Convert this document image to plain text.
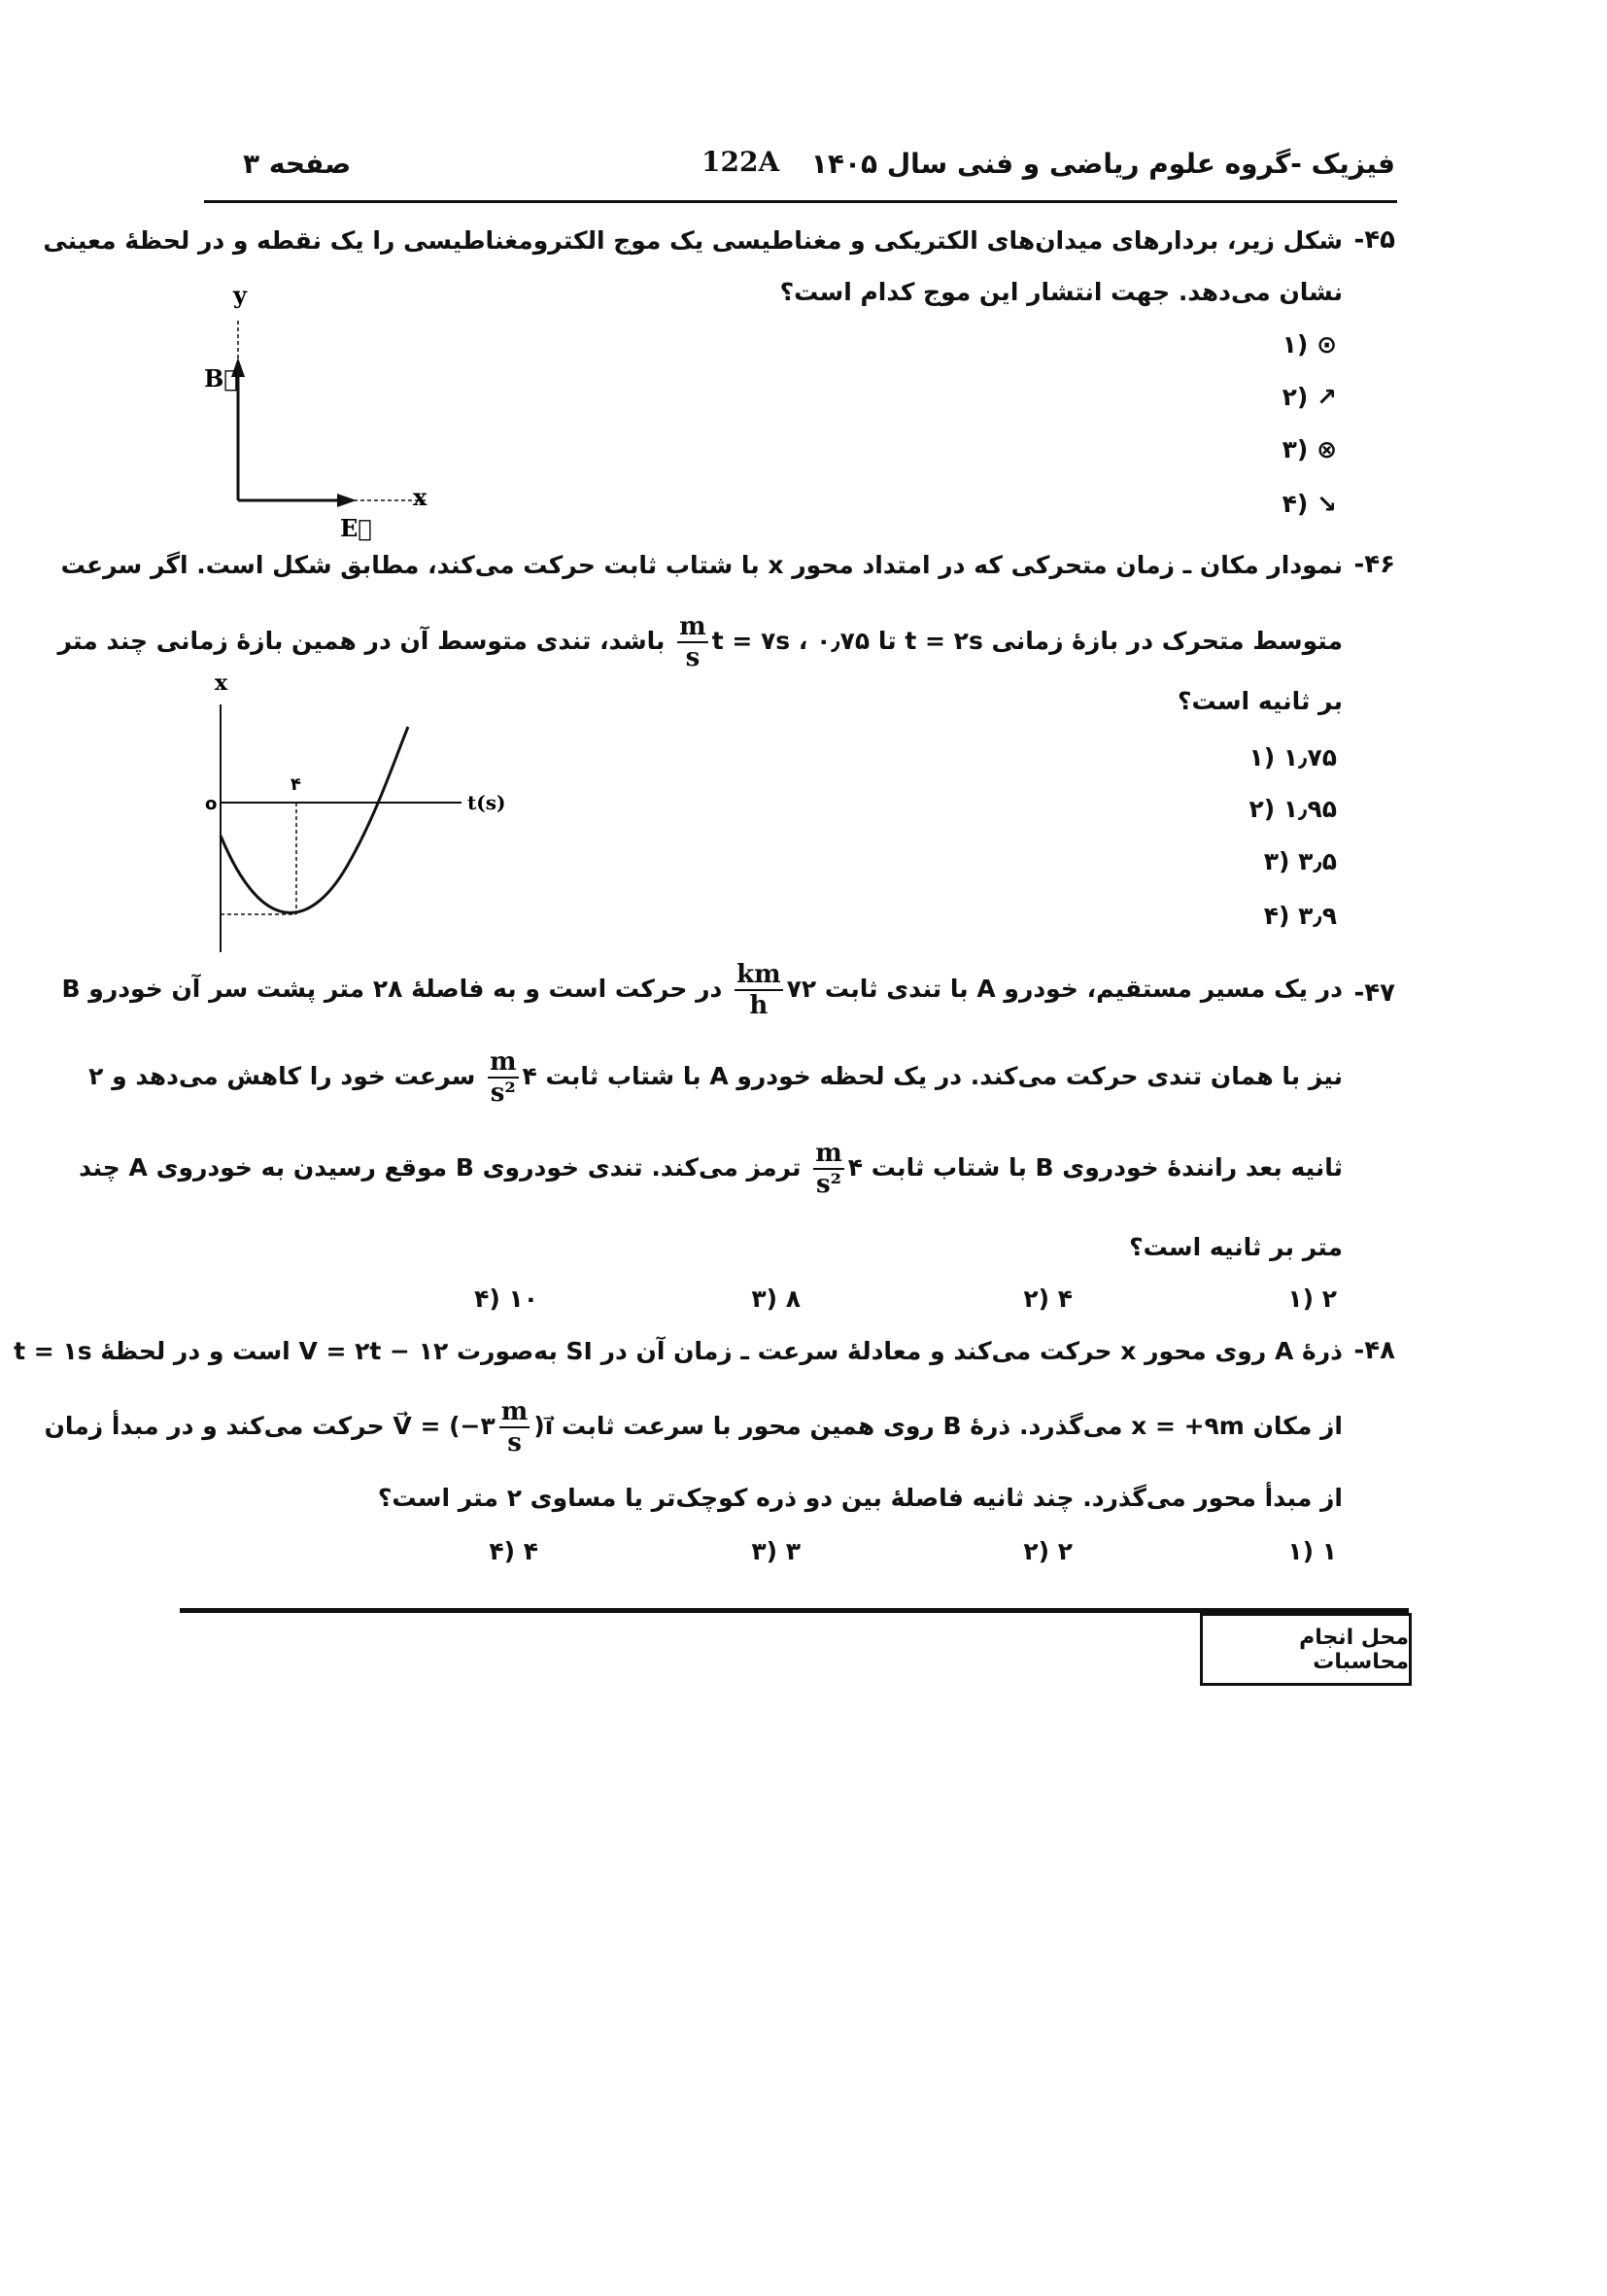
فیزیک -گروه علوم ریاضی و فنی سال ۱۴۰۵
122A
صفحه ۳
-۴۵
شکل زیر، بردارهای میدان‌های الکتریکی و مغناطیسی یک موج الکترومغناطیسی را یک نقطه و در لحظهٔ معینی
نشان می‌دهد. جهت انتشار این موج کدام است؟
۱) ⊙
۲) ↗
۳) ⊗
۴) ↘
y
x
B⃗
E⃗
-۴۶
نمودار مکان ـ زمان متحرکی که در امتداد محور x با شتاب ثابت حرکت می‌کند، مطابق شکل است. اگر سرعت
متوسط متحرک در بازهٔ زمانی t = ۲s تا t = ۷s ، ۰٫۷۵
$\frac{m}{s}$
باشد، تندی متوسط آن در همین بازهٔ زمانی چند متر
بر ثانیه است؟
۱) ۱٫۷۵
۲) ۱٫۹۵
۳) ۳٫۵
۴) ۳٫۹
x
t(s)
o
۴
-۴۷
در یک مسیر مستقیم، خودرو A با تندی ثابت ۷۲
$\frac{km}{h}$
در حرکت است و به فاصلهٔ ۲۸ متر پشت سر آن خودرو B
نیز با همان تندی حرکت می‌کند. در یک لحظه خودرو A با شتاب ثابت ۴
$\frac{m}{\text{s²}}$
سرعت خود را کاهش می‌دهد و ۲
ثانیه بعد رانندهٔ خودروی B با شتاب ثابت ۴
$\frac{m}{\text{s²}}$
ترمز می‌کند. تندی خودروی B موقع رسیدن به خودروی A چند
متر بر ثانیه است؟
۱) ۲
۲) ۴
۳) ۸
۴) ۱۰
-۴۸
ذرهٔ A روی محور x حرکت می‌کند و معادلهٔ سرعت ـ زمان آن در SI به‌صورت V = ۲t − ۱۲ است و در لحظهٔ t = ۱s
از مکان x = +۹m می‌گذرد. ذرهٔ B روی همین محور با سرعت ثابت V⃗ = (−۳ $\frac{m}{s}$ )i⃗ حرکت می‌کند و در مبدأ زمان
از مبدأ محور می‌گذرد. چند ثانیه فاصلهٔ بین دو ذره کوچک‌تر یا مساوی ۲ متر است؟
۱) ۱
۲) ۲
۳) ۳
۴) ۴
محل انجام محاسبات
